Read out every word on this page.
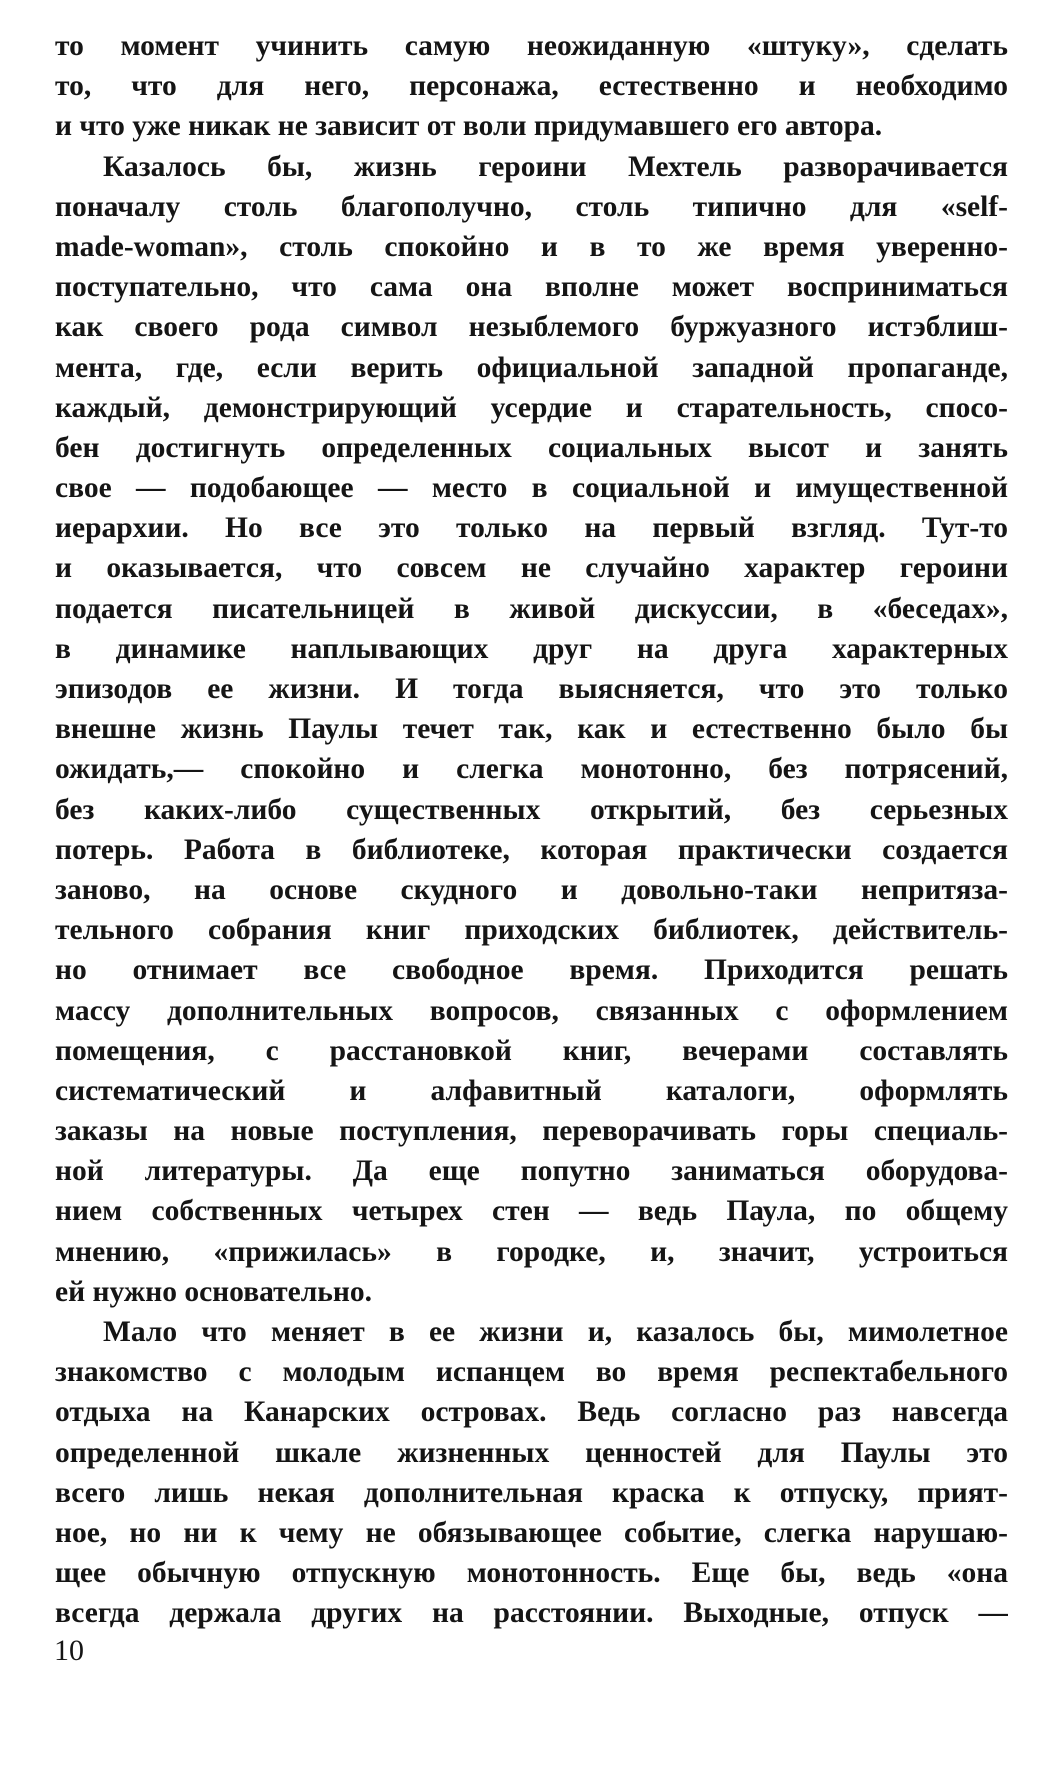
то момент учинить самую неожиданную «штуку», сделать
то, что для него, персонажа, естественно и необходимо
и что уже никак не зависит от воли придумавшего его автора.
Казалось бы, жизнь героини Мехтель разворачивается
поначалу столь благополучно, столь типично для «self-
made-woman», столь спокойно и в то же время уверенно-
поступательно, что сама она вполне может восприниматься
как своего рода символ незыблемого буржуазного истэблиш-
мента, где, если верить официальной западной пропаганде,
каждый, демонстрирующий усердие и старательность, спосо-
бен достигнуть определенных социальных высот и занять
свое — подобающее — место в социальной и имущественной
иерархии. Но все это только на первый взгляд. Тут-то
и оказывается, что совсем не случайно характер героини
подается писательницей в живой дискуссии, в «беседах»,
в динамике наплывающих друг на друга характерных
эпизодов ее жизни. И тогда выясняется, что это только
внешне жизнь Паулы течет так, как и естественно было бы
ожидать,— спокойно и слегка монотонно, без потрясений,
без каких-либо существенных открытий, без серьезных
потерь. Работа в библиотеке, которая практически создается
заново, на основе скудного и довольно-таки непритяза-
тельного собрания книг приходских библиотек, действитель-
но отнимает все свободное время. Приходится решать
массу дополнительных вопросов, связанных с оформлением
помещения, с расстановкой книг, вечерами составлять
систематический и алфавитный каталоги, оформлять
заказы на новые поступления, переворачивать горы специаль-
ной литературы. Да еще попутно заниматься оборудова-
нием собственных четырех стен — ведь Паула, по общему
мнению, «прижилась» в городке, и, значит, устроиться
ей нужно основательно.
Мало что меняет в ее жизни и, казалось бы, мимолетное
знакомство с молодым испанцем во время респектабельного
отдыха на Канарских островах. Ведь согласно раз навсегда
определенной шкале жизненных ценностей для Паулы это
всего лишь некая дополнительная краска к отпуску, прият-
ное, но ни к чему не обязывающее событие, слегка нарушаю-
щее обычную отпускную монотонность. Еще бы, ведь «она
всегда держала других на расстоянии. Выходные, отпуск —
10
